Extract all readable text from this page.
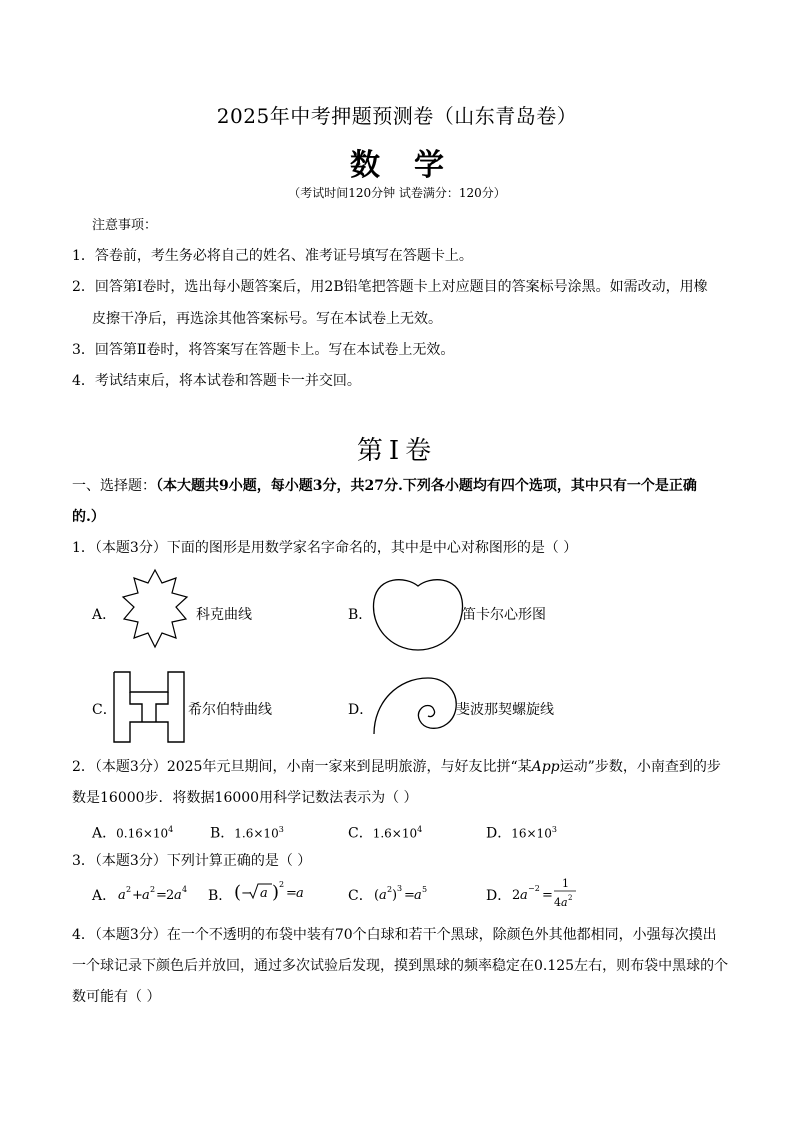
2025年中考押题预测卷（山东青岛卷）
数学
（考试时间120分钟 试卷满分：120分）
注意事项：
1．答卷前，考生务必将自己的姓名、准考证号填写在答题卡上。
2．回答第Ⅰ卷时，选出每小题答案后，用2B铅笔把答题卡上对应题目的答案标号涂黑。如需改动，用橡
皮擦干净后，再选涂其他答案标号。写在本试卷上无效。
3．回答第Ⅱ卷时，将答案写在答题卡上。写在本试卷上无效。
4．考试结束后，将本试卷和答题卡一并交回。
第Ⅰ卷
一、选择题：（本大题共9小题，每小题3分，共27分.下列各小题均有四个选项，其中只有一个是正确
的.）
1．（本题3分）下面的图形是用数学家名字命名的，其中是中心对称图形的是（ ）
A．	科克曲线	B．	笛卡尔心形图
C．	希尔伯特曲线	D．	斐波那契螺旋线
2．（本题3分）2025年元旦期间，小南一家来到昆明旅游，与好友比拼“某App运动”步数，小南查到的步
数是16000步．将数据16000用科学记数法表示为（ ）
A．$0.16\times 10^4$	B．$1.6\times 10^3$	C．$1.6\times 10^4$	D．$16\times 10^3$
3．（本题3分）下列计算正确的是（ ）
A． a 2 + a 2 = 2 a 4 B． ( − a ) 2
= a	C． ( a 2 ) 3 = a 5	D． 2 a −2 =
1
4 a 2
4．（本题3分）在一个不透明的布袋中装有70个白球和若干个黑球，除颜色外其他都相同，小强每次摸出
一个球记录下颜色后并放回，通过多次试验后发现，摸到黑球的频率稳定在0.125左右，则布袋中黑球的个
数可能有（ ）
